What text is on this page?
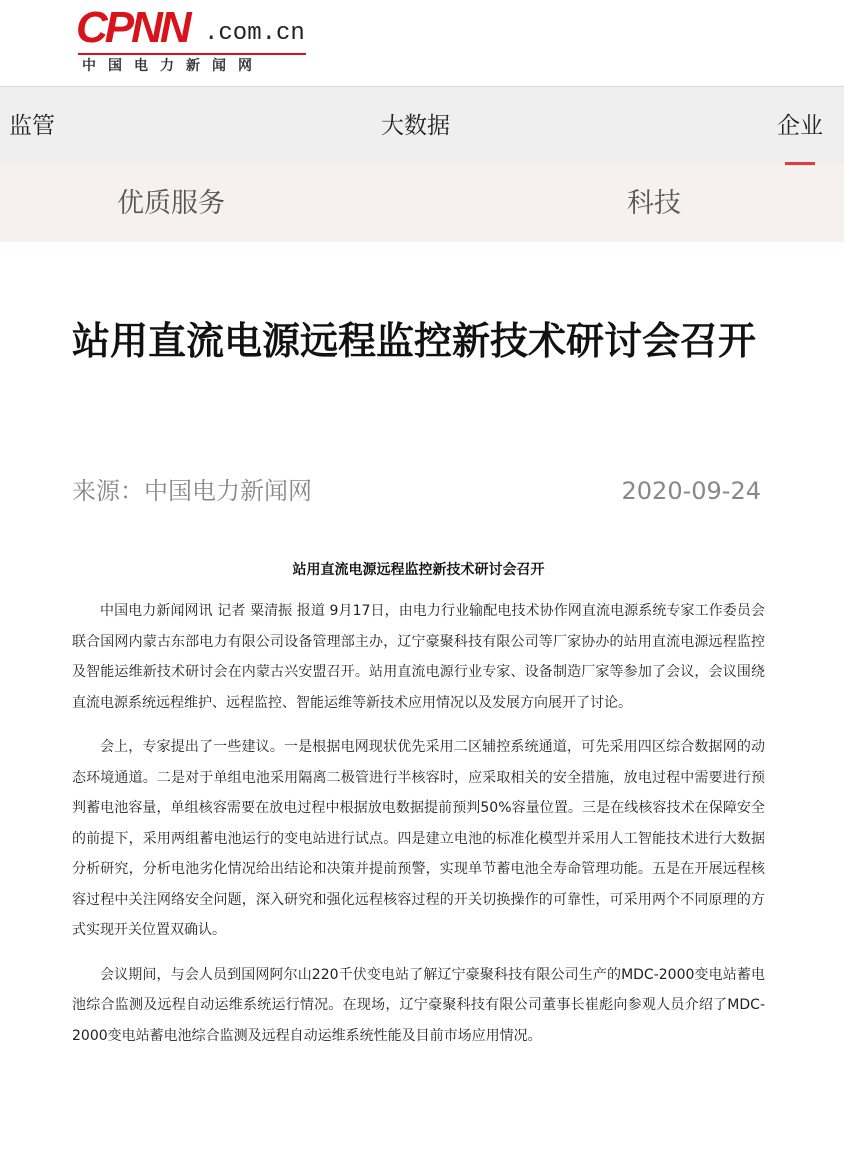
CPNN .com.cn
中国电力新闻网
监管	大数据	企业
优质服务	科技
站用直流电源远程监控新技术研讨会召开
来源：中国电力新闻网	2020-09-24
站用直流电源远程监控新技术研讨会召开

中国电力新闻网讯 记者 粟清振 报道 9月17日，由电力行业输配电技术协作网直流电源系统专家工作委员会联合国网内蒙古东部电力有限公司设备管理部主办，辽宁豪聚科技有限公司等厂家协办的站用直流电源远程监控及智能运维新技术研讨会在内蒙古兴安盟召开。站用直流电源行业专家、设备制造厂家等参加了会议，会议围绕直流电源系统远程维护、远程监控、智能运维等新技术应用情况以及发展方向展开了讨论。

会上，专家提出了一些建议。一是根据电网现状优先采用二区辅控系统通道，可先采用四区综合数据网的动态环境通道。二是对于单组电池采用隔离二极管进行半核容时，应采取相关的安全措施，放电过程中需要进行预判蓄电池容量，单组核容需要在放电过程中根据放电数据提前预判50%容量位置。三是在线核容技术在保障安全的前提下，采用两组蓄电池运行的变电站进行试点。四是建立电池的标准化模型并采用人工智能技术进行大数据分析研究，分析电池劣化情况给出结论和决策并提前预警，实现单节蓄电池全寿命管理功能。五是在开展远程核容过程中关注网络安全问题，深入研究和强化远程核容过程的开关切换操作的可靠性，可采用两个不同原理的方式实现开关位置双确认。

会议期间，与会人员到国网阿尔山220千伏变电站了解辽宁豪聚科技有限公司生产的MDC-2000变电站蓄电池综合监测及远程自动运维系统运行情况。在现场，辽宁豪聚科技有限公司董事长崔彪向参观人员介绍了MDC-2000变电站蓄电池综合监测及远程自动运维系统性能及目前市场应用情况。
